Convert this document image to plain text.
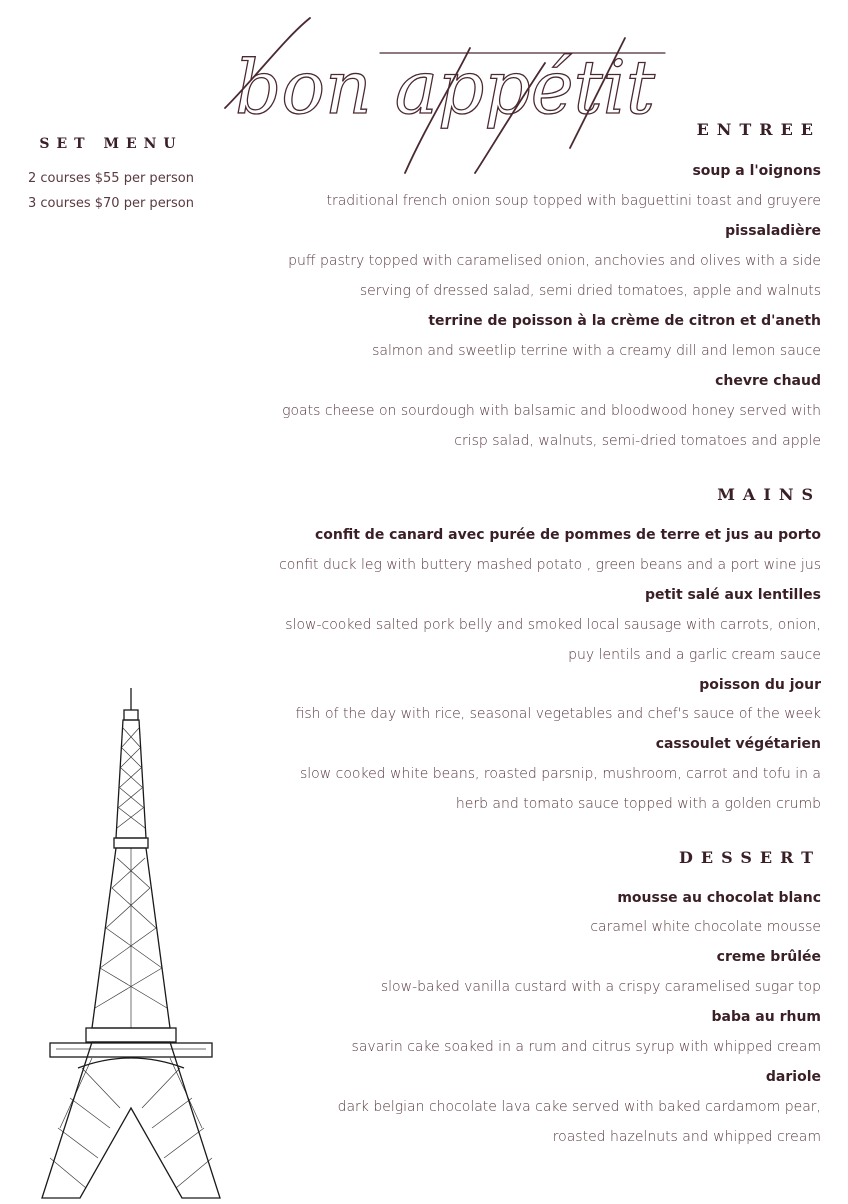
bon appétit
SET MENU
2 courses $55 per person
3 courses $70 per person
ENTREE
soup a l'oignons
traditional french onion soup topped with baguettini toast and gruyere
pissaladière
puff pastry topped with caramelised onion, anchovies and olives with a side
serving of dressed salad, semi dried tomatoes, apple and walnuts
terrine de poisson à la crème de citron et d'aneth
salmon and sweetlip terrine with a creamy dill and lemon sauce
chevre chaud
goats cheese on sourdough with balsamic and bloodwood honey served with
crisp salad, walnuts, semi-dried tomatoes and apple
MAINS
confit de canard avec purée de pommes de terre et jus au porto
confit duck leg with buttery mashed potato , green beans and a port wine jus
petit salé aux lentilles
slow-cooked salted pork belly and smoked local sausage with carrots, onion,
puy lentils and a garlic cream sauce
poisson du jour
fish of the day with rice, seasonal vegetables and chef's sauce of the week
cassoulet végétarien
slow cooked white beans, roasted parsnip, mushroom, carrot and tofu in a
herb and tomato sauce topped with a golden crumb
DESSERT
mousse au chocolat blanc
caramel white chocolate mousse
creme brûlée
slow-baked vanilla custard with a crispy caramelised sugar top
baba au rhum
savarin cake soaked in a rum and citrus syrup with whipped cream
dariole
dark belgian chocolate lava cake served with baked cardamom pear,
roasted hazelnuts and whipped cream
